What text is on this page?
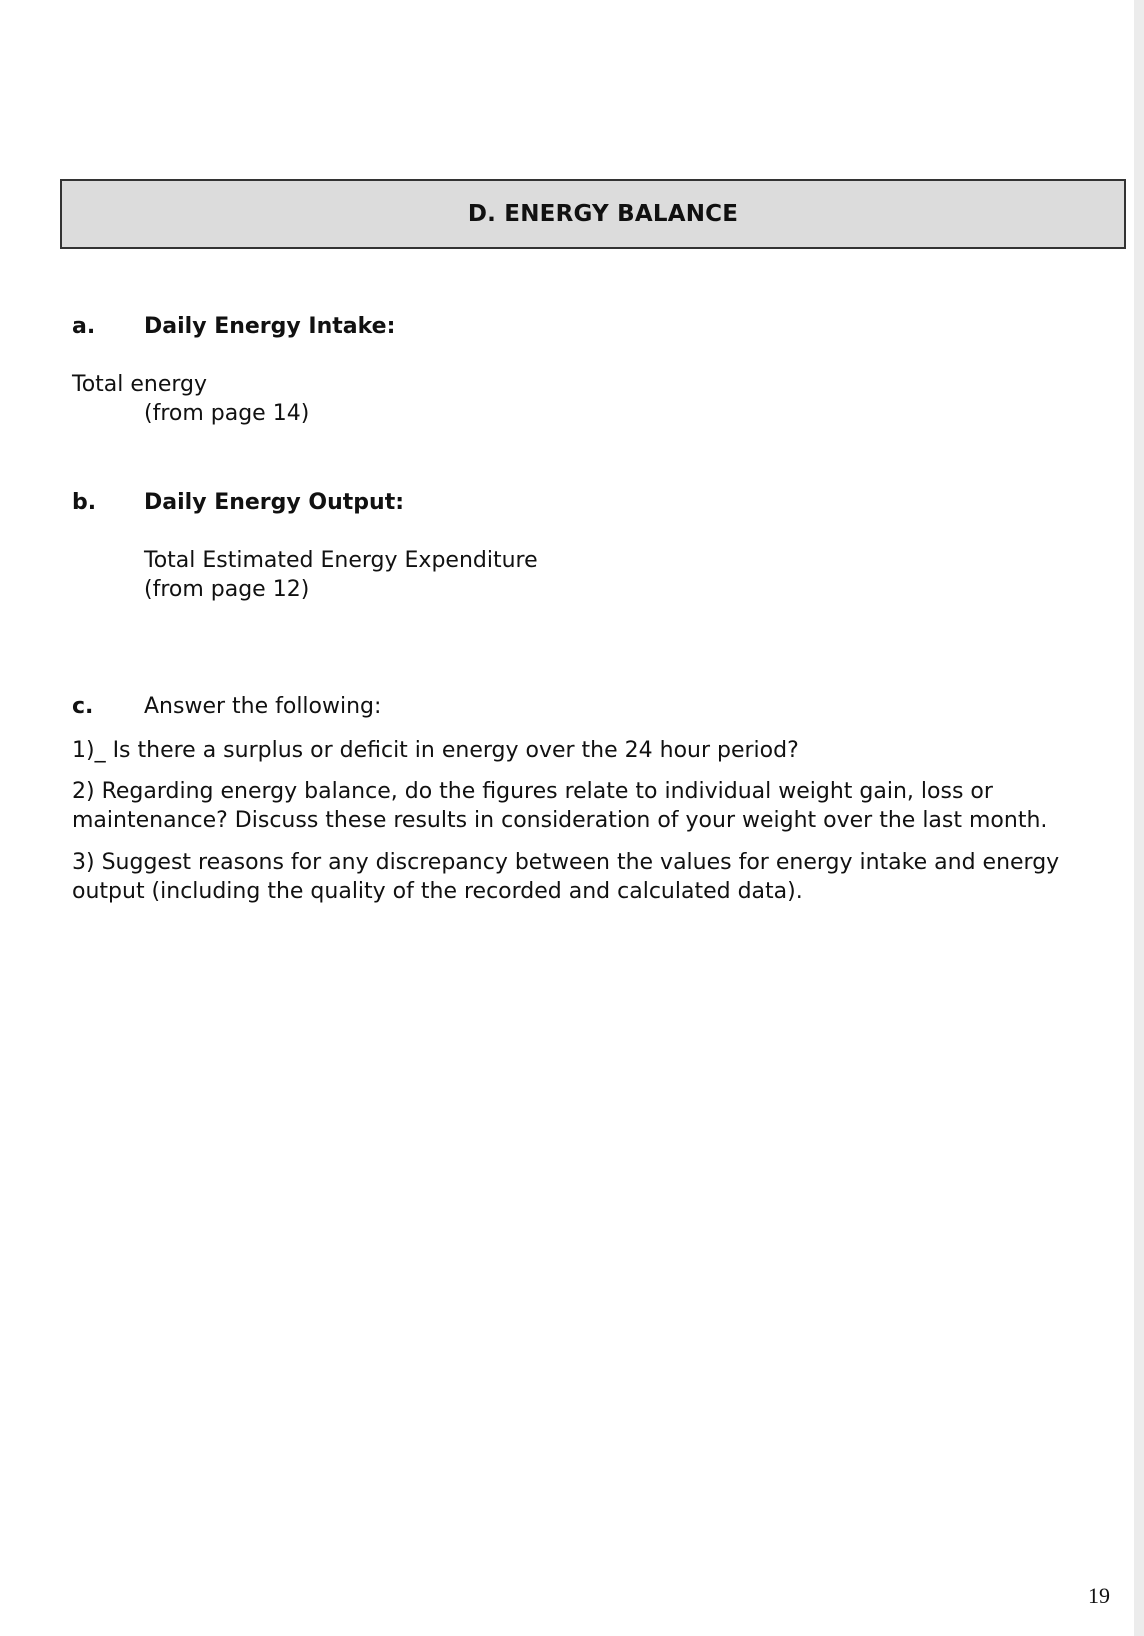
D. ENERGY BALANCE
a. Daily Energy Intake:
Total energy
(from page 14)
b. Daily Energy Output:
Total Estimated Energy Expenditure
(from page 12)
c. Answer the following:
1)_ Is there a surplus or deficit in energy over the 24 hour period?
2) Regarding energy balance, do the figures relate to individual weight gain, loss or maintenance? Discuss these results in consideration of your weight over the last month.
3) Suggest reasons for any discrepancy between the values for energy intake and energy output (including the quality of the recorded and calculated data).
19
